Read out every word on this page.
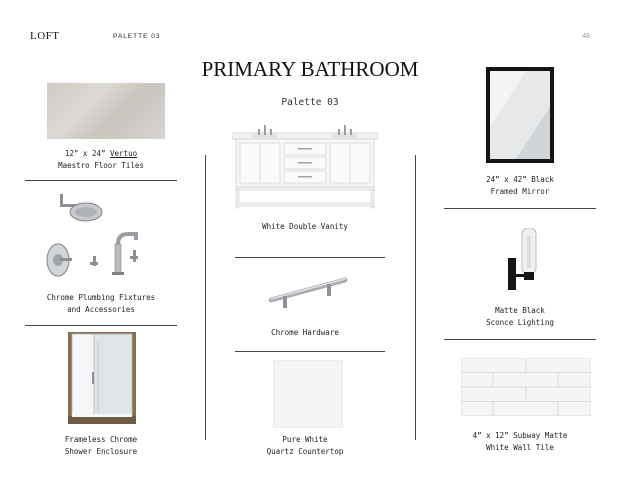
LOFT	PALETTE 03	48
PRIMARY BATHROOM
Palette 03
12” x 24” Vertuo
Maestro Floor Tiles
Chrome Plumbing Fixtures
and Accessories
Frameless Chrome
Shower Enclosure
White Double Vanity
Chrome Hardware
Pure White
Quartz Countertop
24” x 42” Black
Framed Mirror
Matte Black
Sconce Lighting
4” x 12” Subway Matte
White Wall Tile
